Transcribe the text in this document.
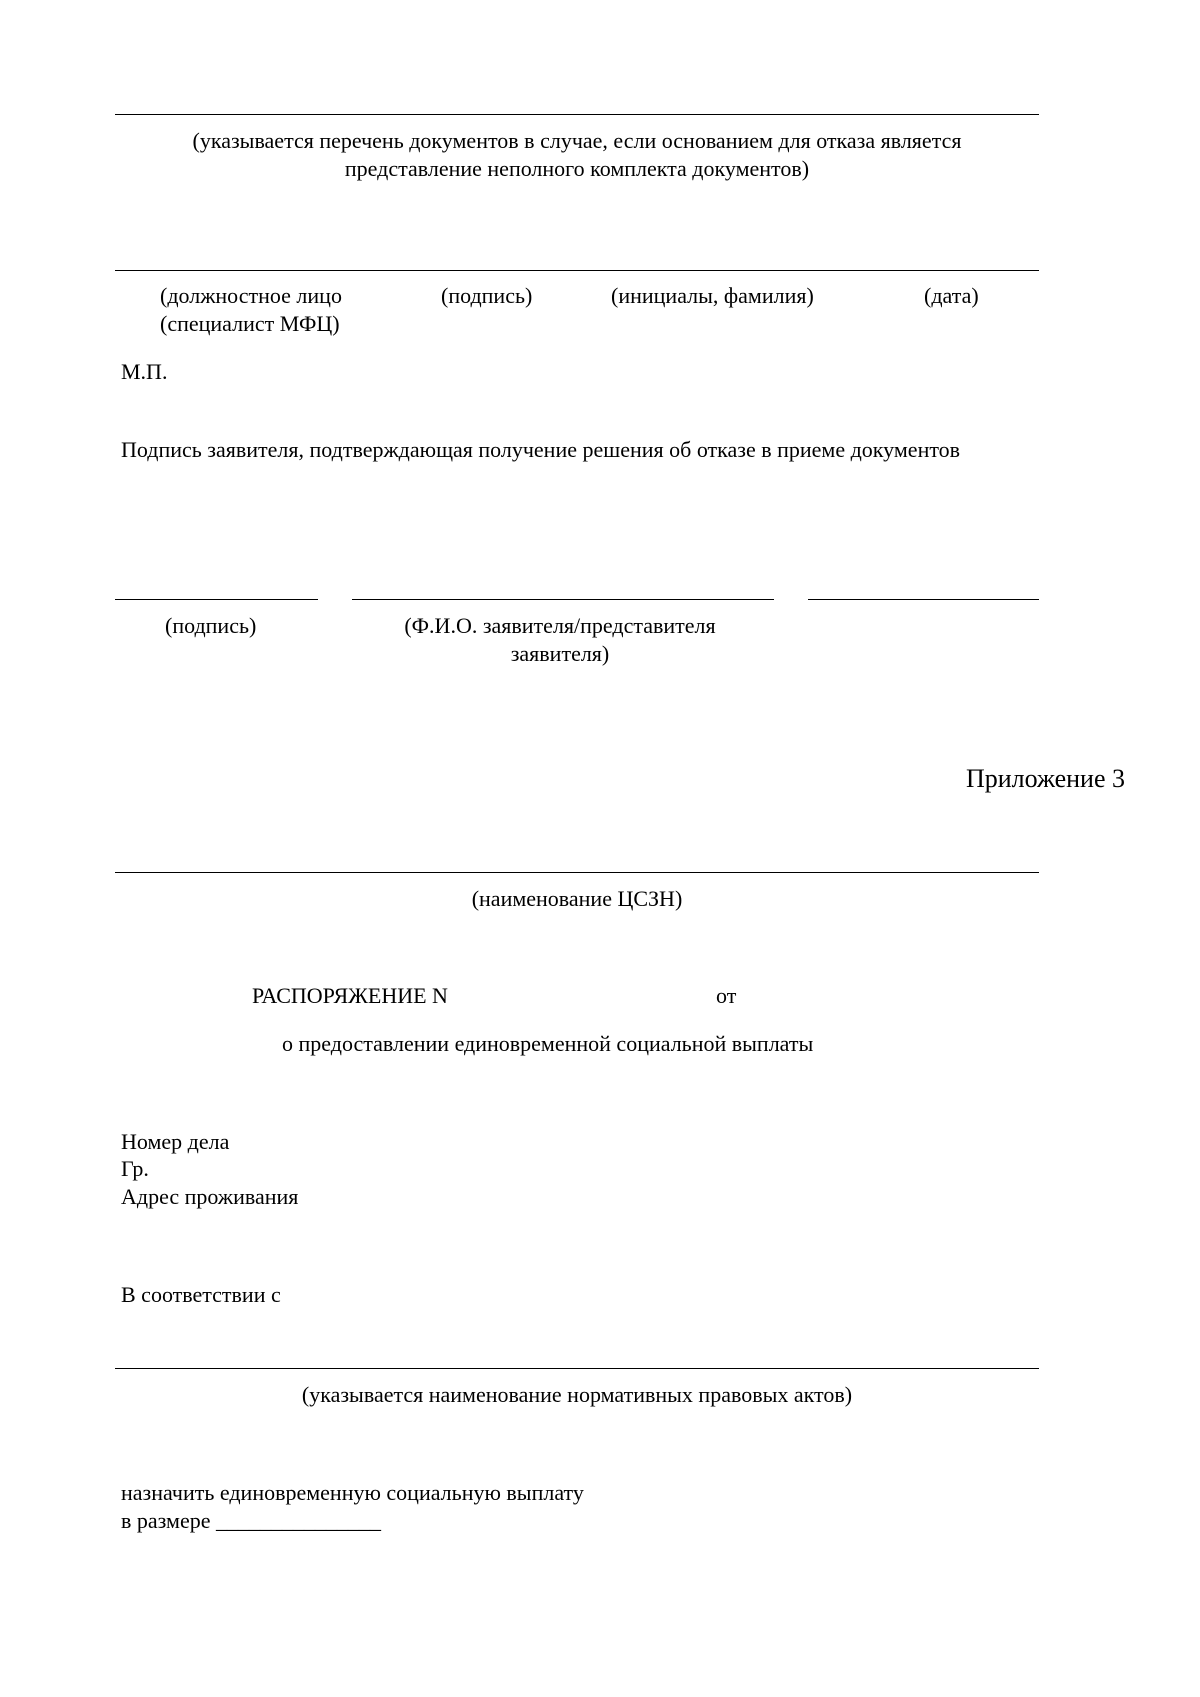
(указывается перечень документов в случае, если основанием для отказа является представление неполного комплекта документов)
(должностное лицо (специалист МФЦ)
(подпись)	(инициалы, фамилия)	(дата)
М.П.
Подпись заявителя, подтверждающая получение решения об отказе в приеме документов
(подпись)	(Ф.И.О. заявителя/представителя заявителя)
Приложение 3
(наименование ЦСЗН)
РАСПОРЯЖЕНИЕ N	от
о предоставлении единовременной социальной выплаты
Номер дела
Гр.
Адрес проживания
В соответствии с
(указывается наименование нормативных правовых актов)
назначить единовременную социальную выплату
в размере _______________
